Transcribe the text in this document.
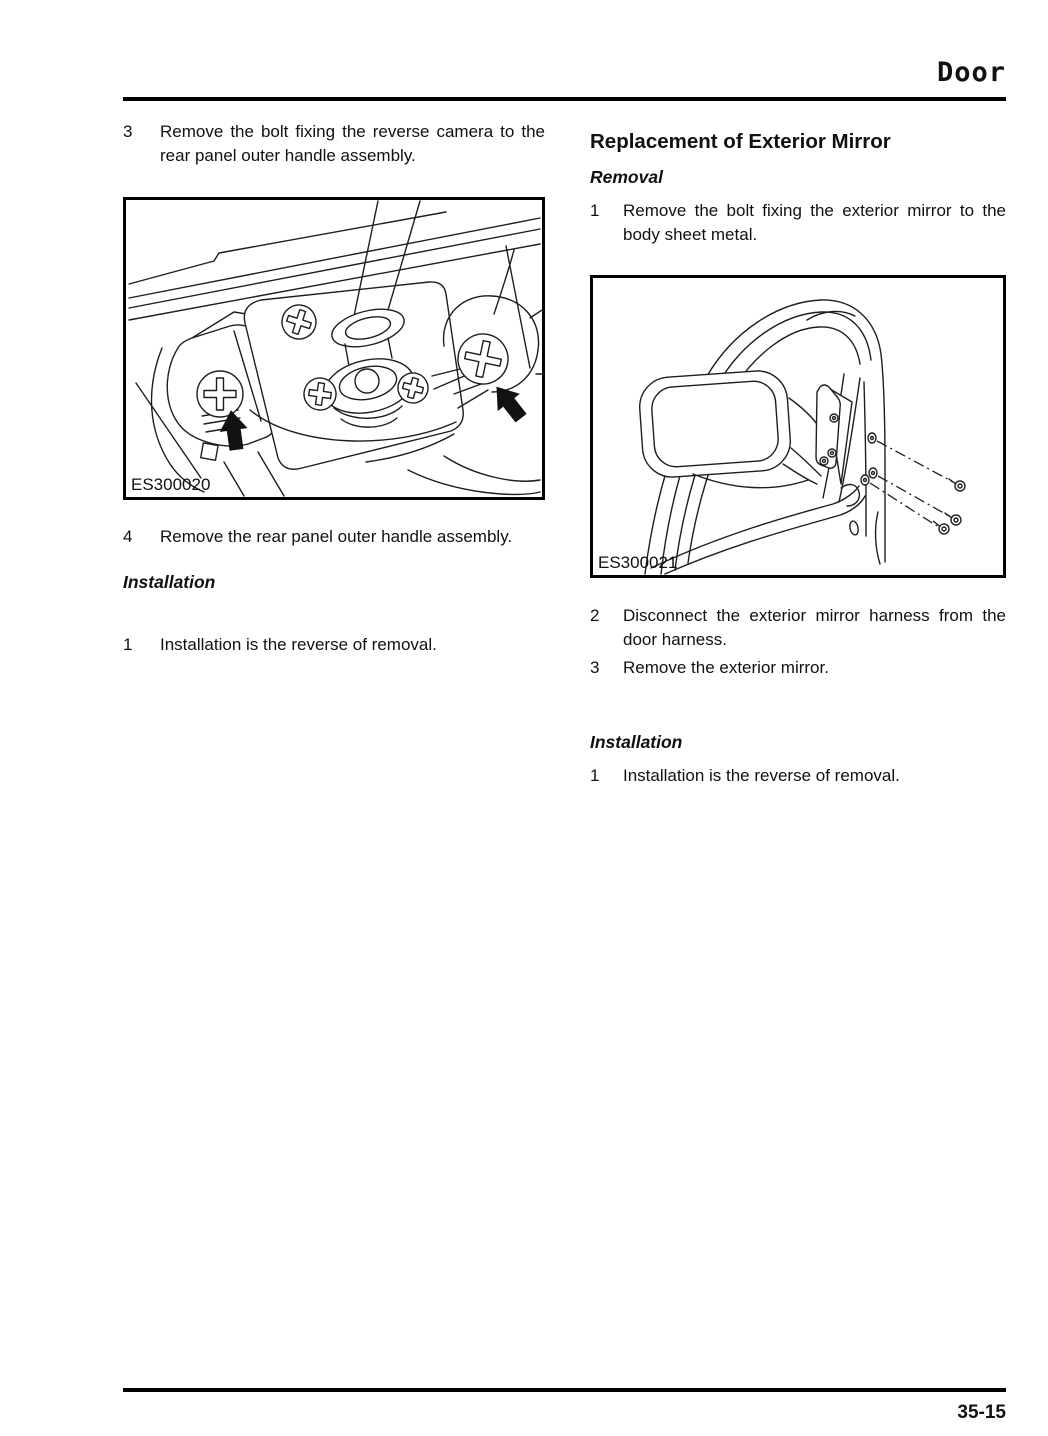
Door
3	Remove the bolt fixing the reverse camera to the rear panel outer handle assembly.
ES300020
4	Remove the rear panel outer handle assembly.
Installation
1	Installation is the reverse of removal.
Replacement of Exterior Mirror
Removal
1	Remove the bolt fixing the exterior mirror to the body sheet metal.
ES300021
2	Disconnect the exterior mirror harness from the door harness.
3	Remove the exterior mirror.
Installation
1	Installation is the reverse of removal.
35-15
